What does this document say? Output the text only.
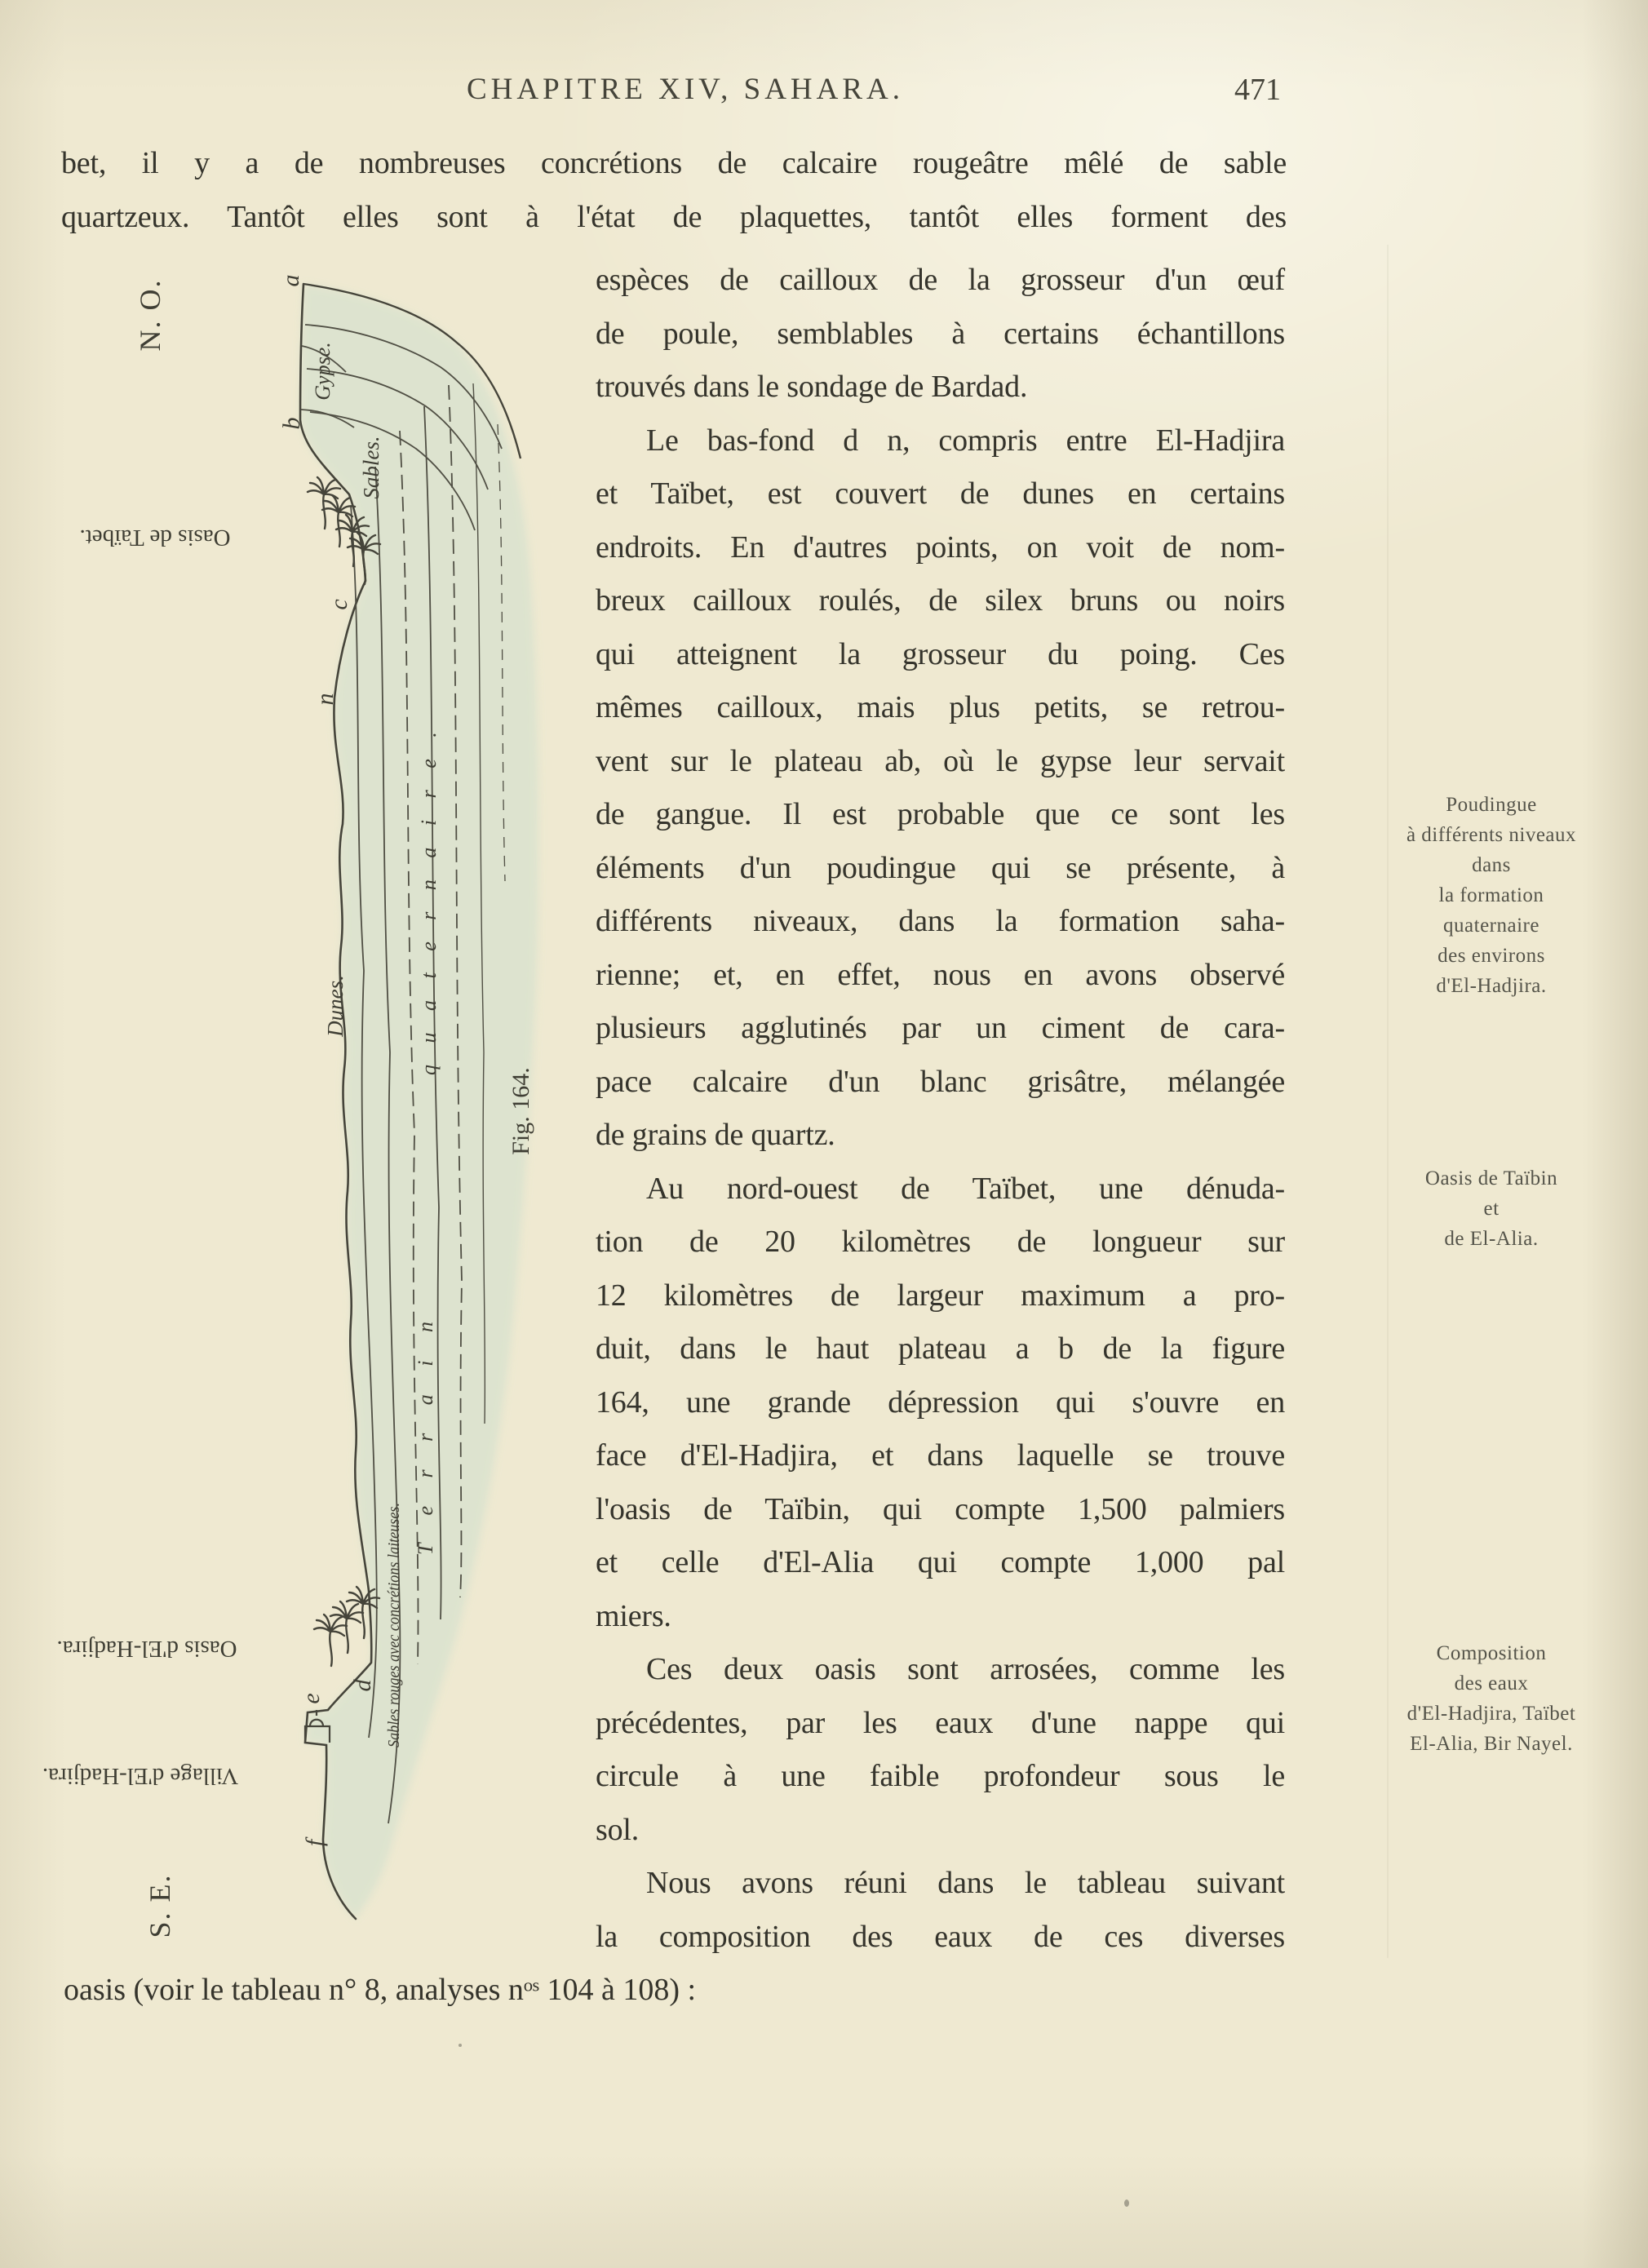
CHAPITRE XIV, SAHARA.	471
bet, il y a de nombreuses concrétions de calcaire rougeâtre mêlé de sable
quartzeux. Tantôt elles sont à l'état de plaquettes, tantôt elles forment des
espèces de cailloux de la grosseur d'un œuf
de poule, semblables à certains échantillons
trouvés dans le sondage de Bardad.
Le bas-fond d n, compris entre El-Hadjira
et Taïbet, est couvert de dunes en certains
endroits. En d'autres points, on voit de nom-
breux cailloux roulés, de silex bruns ou noirs
qui atteignent la grosseur du poing. Ces
mêmes cailloux, mais plus petits, se retrou-
vent sur le plateau ab, où le gypse leur servait
de gangue. Il est probable que ce sont les
éléments d'un poudingue qui se présente, à
différents niveaux, dans la formation saha-
rienne; et, en effet, nous en avons observé
plusieurs agglutinés par un ciment de cara-
pace calcaire d'un blanc grisâtre, mélangée
de grains de quartz.
Au nord-ouest de Taïbet, une dénuda-
tion de 20 kilomètres de longueur sur
12 kilomètres de largeur maximum a pro-
duit, dans le haut plateau a b de la figure
164, une grande dépression qui s'ouvre en
face d'El-Hadjira, et dans laquelle se trouve
l'oasis de Taïbin, qui compte 1,500 palmiers
et celle d'El-Alia qui compte 1,000 pal
miers.
Ces deux oasis sont arrosées, comme les
précédentes, par les eaux d'une nappe qui
circule à une faible profondeur sous le
sol.
Nous avons réuni dans le tableau suivant
la composition des eaux de ces diverses
oasis (voir le tableau n° 8, analyses nᵒˢ 104 à 108) :
Poudingue
à différents niveaux
dans
la formation
quaternaire
des environs
d'El-Hadjira.
Oasis de Taïbin
et
de El-Alia.
Composition
des eaux
d'El-Hadjira, Taïbet
El-Alia, Bir Nayel.
a
b
c
n
d
e
f
Gypse.
Sables.
Dunes.
T e r r a i n
q u a t e r n a i r e .
Sables rouges avec concrétions laiteuses.
N. O.
S. E.
Fig. 164.
Oasis de Taïbet.
Oasis d'El-Hadjira.
Village d'El-Hadjira.
